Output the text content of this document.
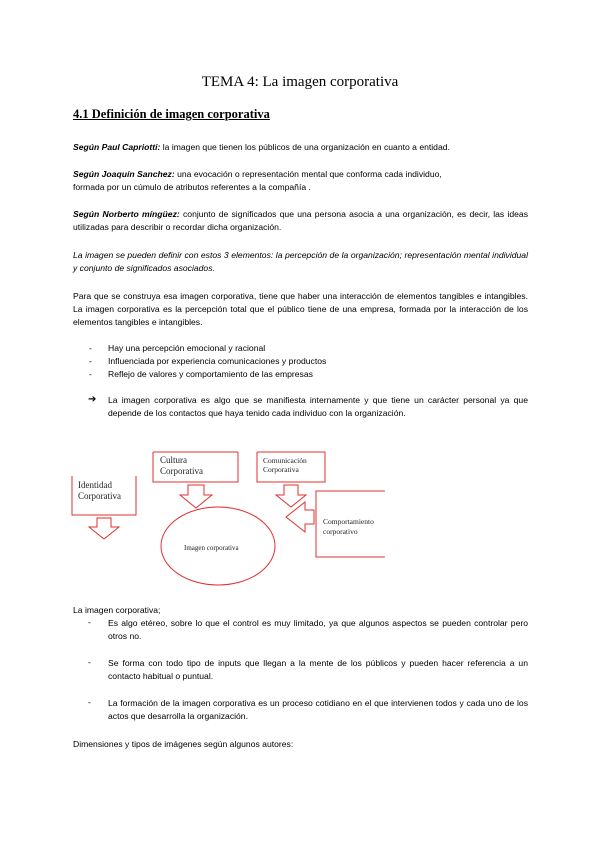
TEMA 4: La imagen corporativa
4.1 Definición de imagen corporativa
Según Paul Capriotti: la imagen que tienen los públicos de una organización en cuanto a entidad.
Según Joaquín Sanchez: una evocación o representación mental que conforma cada individuo,
formada por un cúmulo de atributos referentes a la compañía .
Según Norberto míngüez: conjunto de significados que una persona asocia a una organización, es decir, las ideas utilizadas para describir o recordar dicha organización.
La imagen se pueden definir con estos 3 elementos: la percepción de la organización; representación mental individual y conjunto de significados asociados.
Para que se construya esa imagen corporativa, tiene que haber una interacción de elementos tangibles e intangibles. La imagen corporativa es la percepción total que el público tiene de una empresa, formada por la interacción de los elementos tangibles e intangibles.
- Hay una percepción emocional y racional
- Influenciada por experiencia comunicaciones y productos
- Reflejo de valores y comportamiento de las empresas
➔ La imagen corporativa es algo que se manifiesta internamente y que tiene un carácter personal ya que depende de los contactos que haya tenido cada individuo con la organización.
Identidad
Corporativa
Cultura
Corporativa
Comunicación
Corporativa
Comportamiento
corporativo
Imagen corporativa
La imagen corporativa;
- Es algo etéreo, sobre lo que el control es muy limitado, ya que algunos aspectos se pueden controlar pero otros no.
- Se forma con todo tipo de inputs que llegan a la mente de los públicos y pueden hacer referencia a un contacto habitual o puntual.
- La formación de la imagen corporativa es un proceso cotidiano en el que intervienen todos y cada uno de los actos que desarrolla la organización.
Dimensiones y tipos de imágenes según algunos autores:
